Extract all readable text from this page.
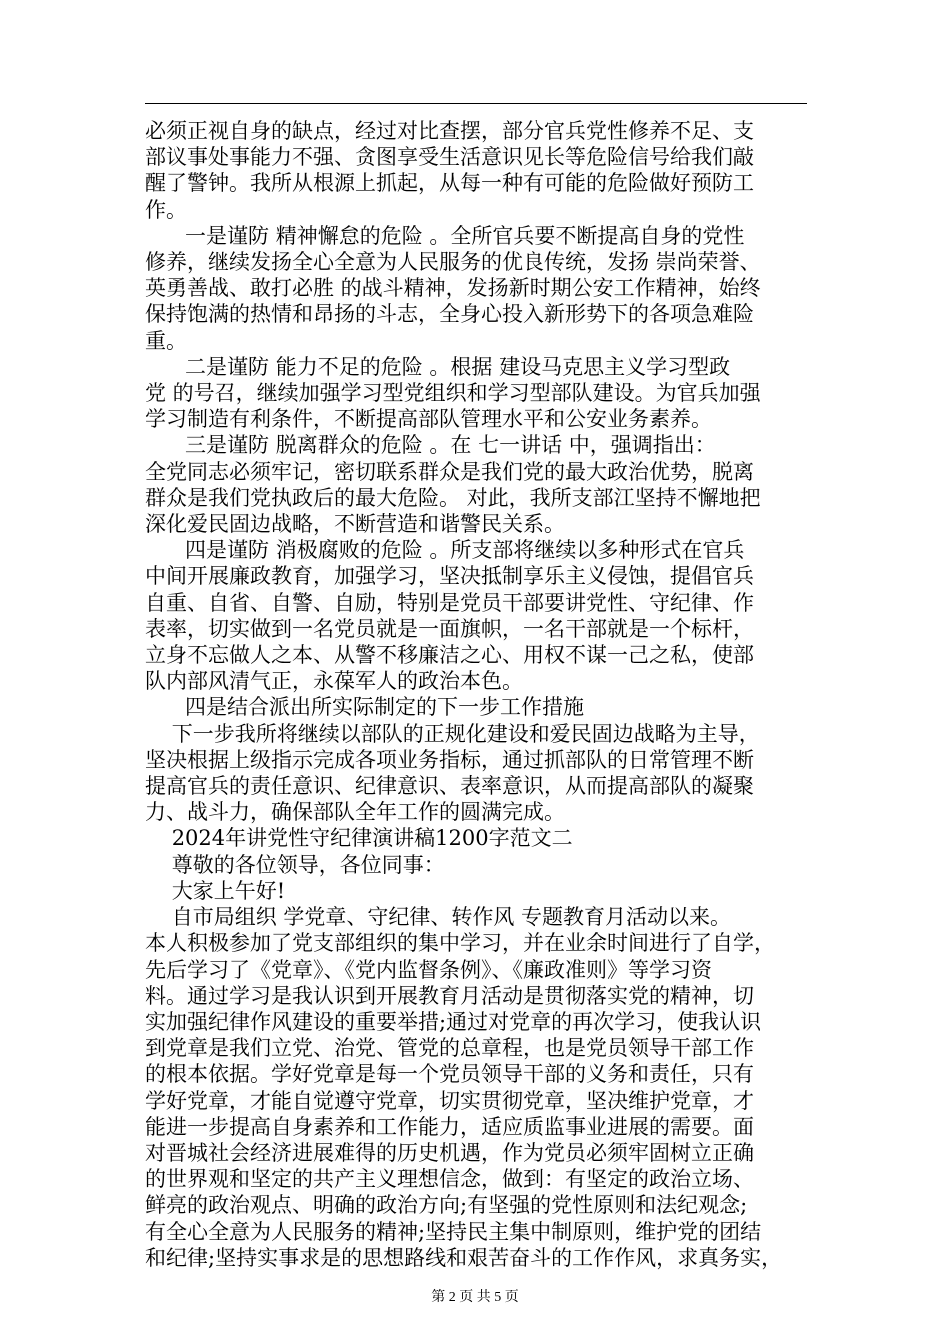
必须正视自身的缺点，经过对比查摆，部分官兵党性修养不足、支
部议事处事能力不强、贪图享受生活意识见长等危险信号给我们敲
醒了警钟。我所从根源上抓起，从每一种有可能的危险做好预防工
作。
一是谨防 精神懈怠的危险 。全所官兵要不断提高自身的党性
修养，继续发扬全心全意为人民服务的优良传统，发扬 崇尚荣誉、
英勇善战、敢打必胜 的战斗精神，发扬新时期公安工作精神，始终
保持饱满的热情和昂扬的斗志，全身心投入新形势下的各项急难险
重。
二是谨防 能力不足的危险 。根据 建设马克思主义学习型政
党 的号召，继续加强学习型党组织和学习型部队建设。为官兵加强
学习制造有利条件，不断提高部队管理水平和公安业务素养。
三是谨防 脱离群众的危险 。在 七一讲话 中，强调指出：
全党同志必须牢记，密切联系群众是我们党的最大政治优势，脱离
群众是我们党执政后的最大危险。 对此，我所支部江坚持不懈地把
深化爱民固边战略，不断营造和谐警民关系。
四是谨防 消极腐败的危险 。所支部将继续以多种形式在官兵
中间开展廉政教育，加强学习，坚决抵制享乐主义侵蚀，提倡官兵
自重、自省、自警、自励，特别是党员干部要讲党性、守纪律、作
表率，切实做到一名党员就是一面旗帜，一名干部就是一个标杆，
立身不忘做人之本、从警不移廉洁之心、用权不谋一己之私，使部
队内部风清气正，永葆军人的政治本色。
四是结合派出所实际制定的下一步工作措施
下一步我所将继续以部队的正规化建设和爱民固边战略为主导，
坚决根据上级指示完成各项业务指标，通过抓部队的日常管理不断
提高官兵的责任意识、纪律意识、表率意识，从而提高部队的凝聚
力、战斗力，确保部队全年工作的圆满完成。
2024年讲党性守纪律演讲稿1200字范文二
尊敬的各位领导，各位同事：
大家上午好!
自市局组织 学党章、守纪律、转作风 专题教育月活动以来。
本人积极参加了党支部组织的集中学习，并在业余时间进行了自学，
先后学习了《党章》、《党内监督条例》、《廉政准则》等学习资
料。通过学习是我认识到开展教育月活动是贯彻落实党的精神，切
实加强纪律作风建设的重要举措;通过对党章的再次学习，使我认识
到党章是我们立党、治党、管党的总章程，也是党员领导干部工作
的根本依据。学好党章是每一个党员领导干部的义务和责任，只有
学好党章，才能自觉遵守党章，切实贯彻党章，坚决维护党章，才
能进一步提高自身素养和工作能力，适应质监事业进展的需要。面
对晋城社会经济进展难得的历史机遇，作为党员必须牢固树立正确
的世界观和坚定的共产主义理想信念，做到：有坚定的政治立场、
鲜亮的政治观点、明确的政治方向;有坚强的党性原则和法纪观念;
有全心全意为人民服务的精神;坚持民主集中制原则，维护党的团结
和纪律;坚持实事求是的思想路线和艰苦奋斗的工作作风，求真务实，
第 2 页 共 5 页
